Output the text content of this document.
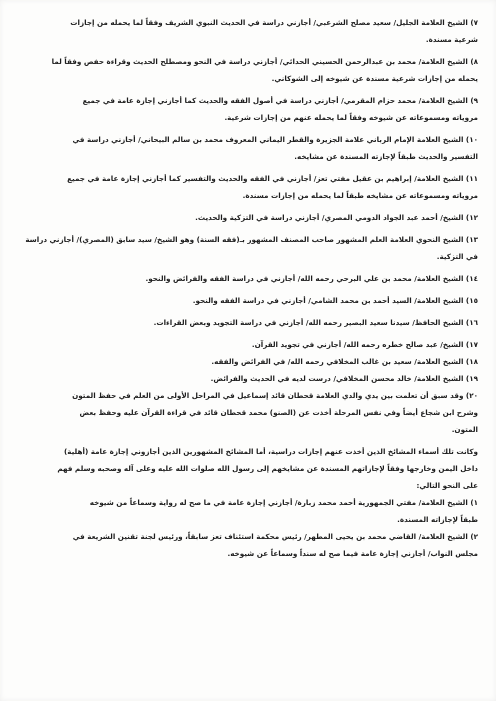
٧) الشيخ العلامة الجليل/ سعيد مصلح الشرعبي/ أجازني دراسة في الحديث النبوي الشريف وفقاً لما يحمله من إجازات
شرعية مسندة.
٨) الشيخ العلامة/ محمد بن عبدالرحمن الحسيني الحدائي/ أجازني دراسة في النحو ومصطلح الحديث وقراءة حفص وفقاً لما
يحمله من إجازات شرعية مسندة عن شيوخه إلى الشوكاني.
٩) الشيخ العلامة/ محمد حزام المقرمي/ أجازني دراسة في أصول الفقه والحديث كما أجازني إجازة عامة في جميع
مروياته ومسموعاته عن شيوخه وفقاً لما يحمله عنهم من إجازات شرعية.
١٠) الشيخ العلامة الإمام الرباني علامة الجزيرة والقطر اليماني المعروف محمد بن سالم البيحاني/ أجازني دراسة في
التفسير والحديث طبقاً لإجازته المسندة عن مشايخه.
١١) الشيخ العلامة/ إبراهيم بن عقيل مفتي تعز/ أجازني في الفقه والحديث والتفسير كما أجازني إجازة عامة في جميع
مروياته ومسموعاته عن مشايخه طبقاً لما يحمله من إجازات مسندة.
١٢) الشيخ/ أحمد عبد الجواد الدومي المصري/ أجازني دراسة في التزكية والحديث.
١٣) الشيخ النحوي العلامة العلم المشهور صاحب المصنف المشهور بـ(فقه السنة) وهو الشيخ/ سيد سابق (المصري)/ أجازني دراسة
في التزكية.
١٤) الشيخ العلامة/ محمد بن علي البرحي رحمه الله/ أجازني في دراسة الفقه والفرائض والنحو.
١٥) الشيخ العلامة/ السيد أحمد بن محمد الشامي/ أجازني في دراسة الفقه والنحو.
١٦) الشيخ الحافظ/ سيدنا سعيد البصير رحمه الله/ أجازني في دراسة التجويد وبعض القراءات.
١٧) الشيخ/ عبد صالح خطره رحمه الله/ أجازني في تجويد القرآن.
١٨) الشيخ العلامة/ سعيد بن غالب المخلافي رحمه الله/ في الفرائض والفقه.
١٩) الشيخ العلامة/ خالد محسن المخلافي/ درست لديه في الحديث والفرائض.
٢٠) وقد سبق أن تعلمت بين يدي والدي العلامة قحطان قائد إسماعيل في المراحل الأولى من العلم في حفظ المتون
وشرح ابن شجاع أيضاً وفي نفس المرحلة أخذت عن (الصنو) محمد قحطان قائد في قراءة القرآن عليه وحفظ بعض
المتون.
وكانت تلك أسماء المشائخ الذين أخذت عنهم إجازات دراسية، أما المشائخ المشهورين الذين أجازوني إجازة عامة (أهلية)
داخل اليمن وخارجها وفقاً لإجازاتهم المسندة عن مشايخهم إلى رسول الله صلوات الله عليه وعلى آله وصحبه وسلم فهم
على النحو التالي:
١) الشيخ العلامة/ مفتي الجمهورية أحمد محمد زبارة/ أجازني إجازة عامة في ما صح له رواية وسماعاً من شيوخه
طبقاً لإجازاته المسندة.
٢) الشيخ العلامة/ القاضي محمد بن يحيى المطهر/ رئيس محكمة استئناف تعز سابقاً، ورئيس لجنة تقنين الشريعة في
مجلس النواب/ أجازني إجازة عامة فيما صح له سنداً وسماعاً عن شيوخه.
